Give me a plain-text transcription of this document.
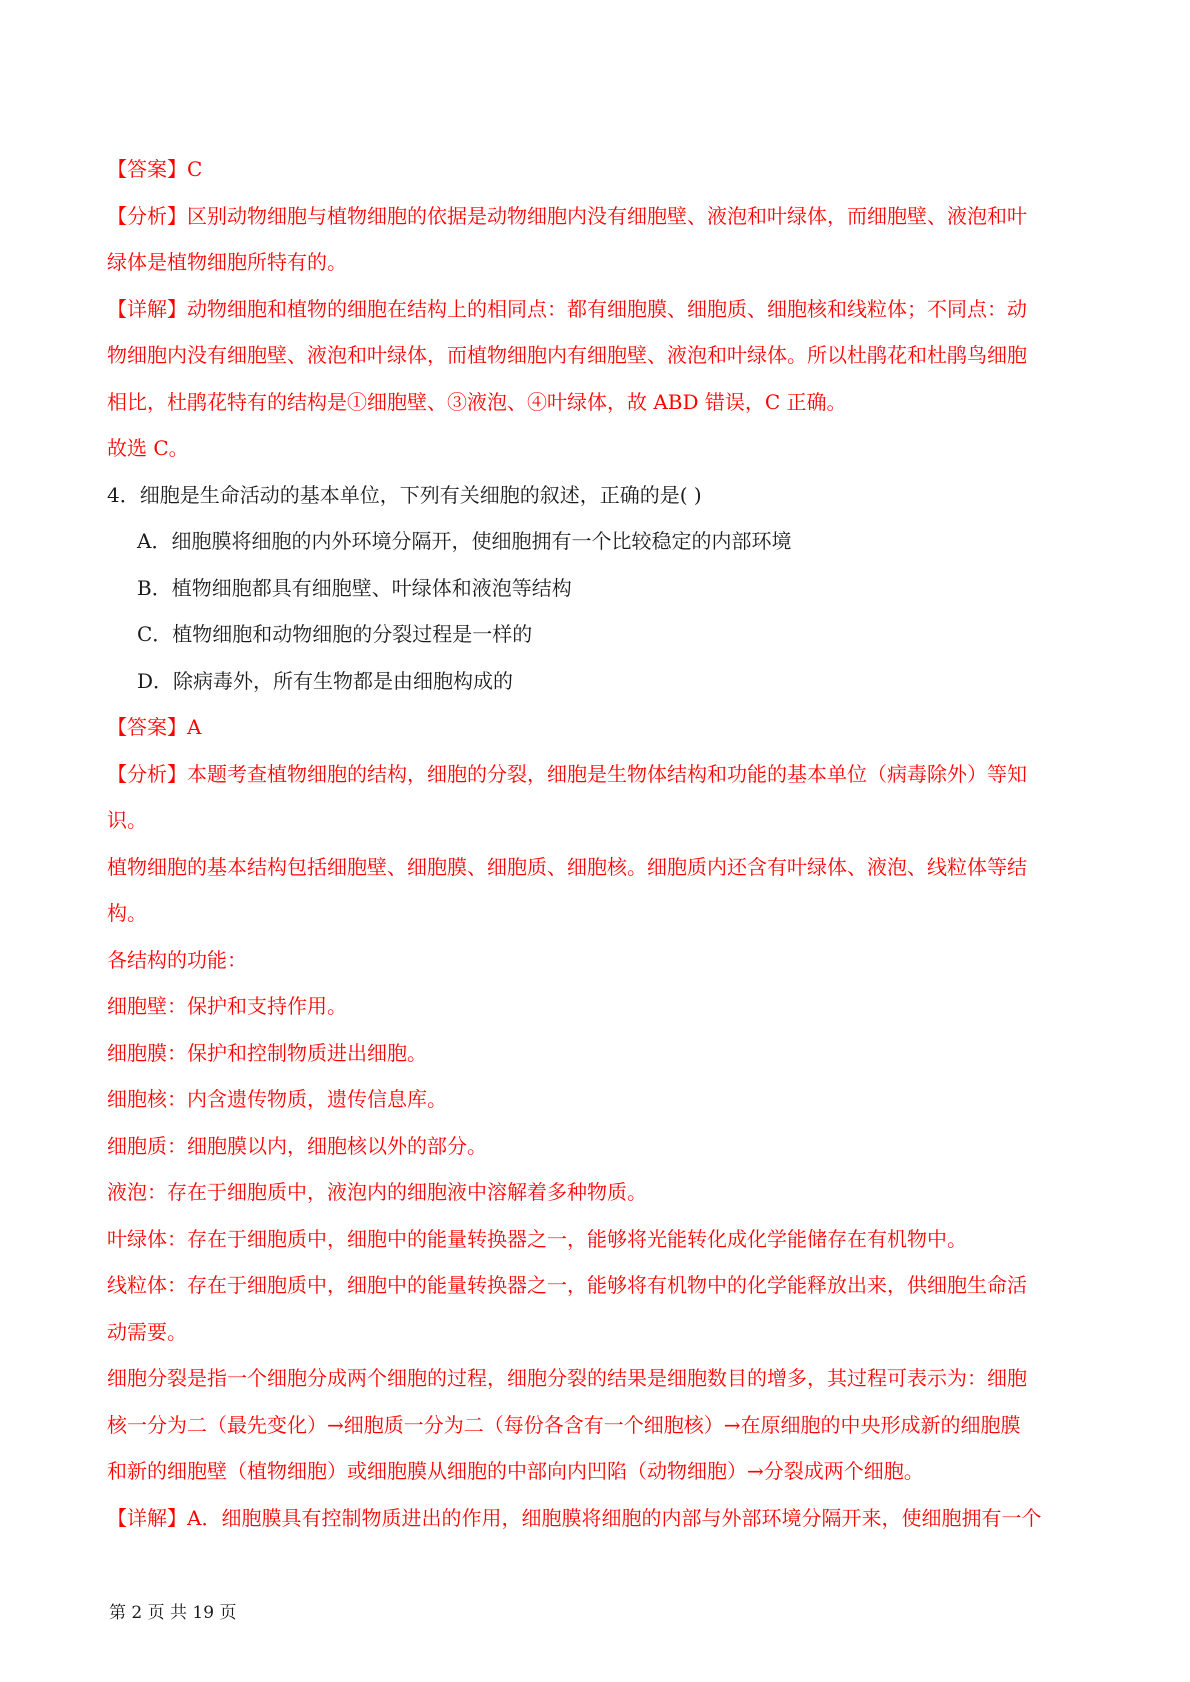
【答案】C
【分析】区别动物细胞与植物细胞的依据是动物细胞内没有细胞壁、液泡和叶绿体，而细胞壁、液泡和叶
绿体是植物细胞所特有的。
【详解】动物细胞和植物的细胞在结构上的相同点：都有细胞膜、细胞质、细胞核和线粒体；不同点：动
物细胞内没有细胞壁、液泡和叶绿体，而植物细胞内有细胞壁、液泡和叶绿体。所以杜鹃花和杜鹃鸟细胞
相比，杜鹃花特有的结构是①细胞壁、③液泡、④叶绿体，故 ABD 错误，C 正确。
故选 C。
4．细胞是生命活动的基本单位，下列有关细胞的叙述，正确的是( )
A．细胞膜将细胞的内外环境分隔开，使细胞拥有一个比较稳定的内部环境
B．植物细胞都具有细胞壁、叶绿体和液泡等结构
C．植物细胞和动物细胞的分裂过程是一样的
D．除病毒外，所有生物都是由细胞构成的
【答案】A
【分析】本题考查植物细胞的结构，细胞的分裂，细胞是生物体结构和功能的基本单位（病毒除外）等知
识。
植物细胞的基本结构包括细胞壁、细胞膜、细胞质、细胞核。细胞质内还含有叶绿体、液泡、线粒体等结
构。
各结构的功能：
细胞壁：保护和支持作用。
细胞膜：保护和控制物质进出细胞。
细胞核：内含遗传物质，遗传信息库。
细胞质：细胞膜以内，细胞核以外的部分。
液泡：存在于细胞质中，液泡内的细胞液中溶解着多种物质。
叶绿体：存在于细胞质中，细胞中的能量转换器之一，能够将光能转化成化学能储存在有机物中。
线粒体：存在于细胞质中，细胞中的能量转换器之一，能够将有机物中的化学能释放出来，供细胞生命活
动需要。
细胞分裂是指一个细胞分成两个细胞的过程，细胞分裂的结果是细胞数目的增多，其过程可表示为：细胞
核一分为二（最先变化）→细胞质一分为二（每份各含有一个细胞核）→在原细胞的中央形成新的细胞膜
和新的细胞壁（植物细胞）或细胞膜从细胞的中部向内凹陷（动物细胞）→分裂成两个细胞。
【详解】A．细胞膜具有控制物质进出的作用，细胞膜将细胞的内部与外部环境分隔开来，使细胞拥有一个
第 2 页 共 19 页
